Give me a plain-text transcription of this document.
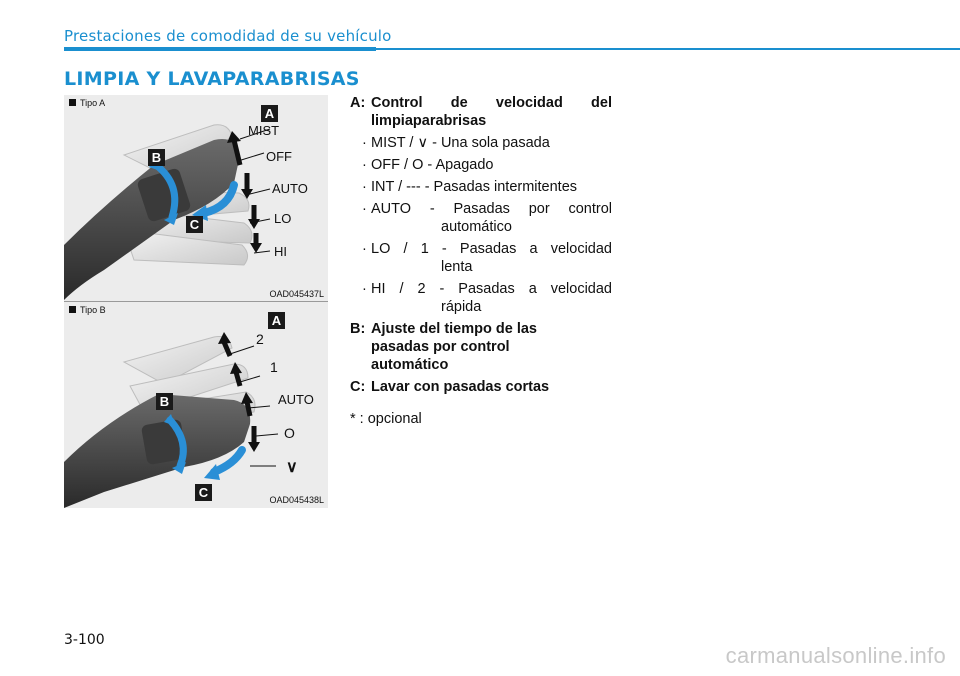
Prestaciones de comodidad de su vehículo
LIMPIA Y LAVAPARABRISAS
A
B
C
MIST
OFF
AUTO
LO
HI
Tipo A
OAD045437L
A
B
C
2
1
AUTO
O
∨
Tipo B
OAD045438L
A: Control de velocidad del
limpiaparabrisas
· MIST / ∨ - Una sola pasada
· OFF / O - Apagado
· INT / --- - Pasadas intermitentes
· AUTO - Pasadas por control
automático
· LO / 1 - Pasadas a velocidad
lenta
· HI / 2 - Pasadas a velocidad
rápida
B: Ajuste del tiempo de las
pasadas por control
automático
C: Lavar con pasadas cortas
* : opcional
3-100
carmanualsonline.info
